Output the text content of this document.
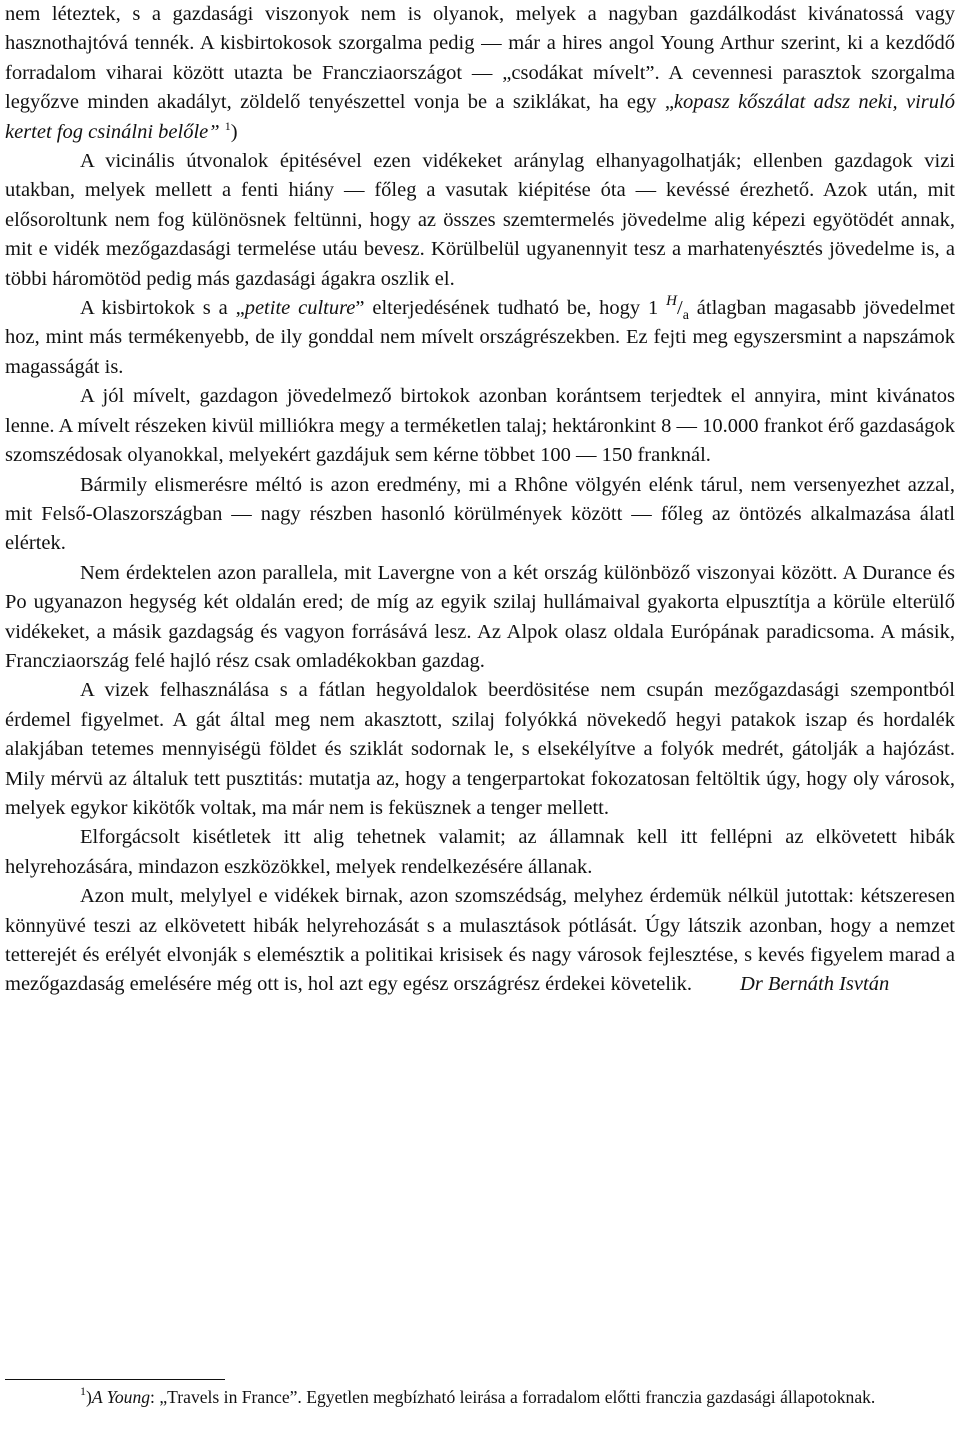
nem léteztek, s a gazdasági viszonyok nem is olyanok, melyek a nagyban gazdálkodást kivánatossá vagy hasznothajtóvá tennék. A kisbirtokosok szorgalma pedig — már a hires angol Young Arthur szerint, ki a kezdődő forradalom viharai között utazta be Francziaországot — „csodákat mívelt”. A cevennesi parasztok szorgalma legyőzve minden akadályt, zöldelő tenyészettel vonja be a sziklákat, ha egy „kopasz kőszálat adsz neki, viruló kertet fog csinálni belőle” $^1$)

A vicinális útvonalok épitésével ezen vidékeket aránylag elhanyagolhatják; ellenben gazdagok vizi utakban, melyek mellett a fenti hiány — főleg a vasutak kiépitése óta — kevéssé érezhető. Azok után, mit elősoroltunk nem fog különösnek feltünni, hogy az összes szemtermelés jövedelme alig képezi egyötödét annak, mit e vidék mezőgazdasági termelése utáu bevesz. Körülbelül ugyanennyit tesz a marhatenyésztés jövedelme is, a többi háromötöd pedig más gazdasági ágakra oszlik el.

A kisbirtokok s a „petite culture” elterjedésének tudható be, hogy 1 $^H/_a$ átlagban magasabb jövedelmet hoz, mint más termékenyebb, de ily gonddal nem mívelt országrészekben. Ez fejti meg egyszersmint a napszámok magasságát is.

A jól mívelt, gazdagon jövedelmező birtokok azonban korántsem terjedtek el annyira, mint kivánatos lenne. A mívelt részeken kivül milliókra megy a terméketlen talaj; hektáronkint 8 — 10.000 frankot érő gazdaságok szomszédosak olyanokkal, melyekért gazdájuk sem kérne többet 100 — 150 franknál.

Bármily elismerésre méltó is azon eredmény, mi a Rhône völgyén elénk tárul, nem versenyezhet azzal, mit Felső-Olaszországban — nagy részben hasonló körülmények között — főleg az öntözés alkalmazása álatl elértek.

Nem érdektelen azon parallela, mit Lavergne von a két ország különböző viszonyai között. A Durance és Po ugyanazon hegység két oldalán ered; de míg az egyik szilaj hullámaival gyakorta elpusztítja a körüle elterülő vidékeket, a másik gazdagság és vagyon forrásává lesz. Az Alpok olasz oldala Európának paradicsoma. A másik, Francziaország felé hajló rész csak omladékokban gazdag.

A vizek felhasználása s a fátlan hegyoldalok beerdösitése nem csupán mezőgazdasági szempontból érdemel figyelmet. A gát által meg nem akasztott, szilaj folyókká növekedő hegyi patakok iszap és hordalék alakjában tetemes mennyiségü földet és sziklát sodornak le, s elsekélyítve a folyók medrét, gátolják a hajózást. Mily mérvü az általuk tett pusztitás: mutatja az, hogy a tengerpartokat fokozatosan feltöltik úgy, hogy oly városok, melyek egykor kikötők voltak, ma már nem is feküsznek a tenger mellett.

Elforgácsolt kisétletek itt alig tehetnek valamit; az államnak kell itt fellépni az elkövetett hibák helyrehozására, mindazon eszközökkel, melyek rendelkezésére állanak.

Azon mult, melylyel e vidékek birnak, azon szomszédság, melyhez érdemük nélkül jutottak: kétszeresen könnyüvé teszi az elkövetett hibák helyrehozását s a mulasztások pótlását. Úgy látszik azonban, hogy a nemzet tetterejét és erélyét elvonják s elemésztik a politikai krisisek és nagy városok fejlesztése, s kevés figyelem marad a mezőgazdaság emelésére még ott is, hol azt egy egész országrész érdekei követelik. Dr Bernáth Isvtán

$^1$)A Young: „Travels in France”. Egyetlen megbízható leirása a forradalom előtti franczia gazdasági állapotoknak.
